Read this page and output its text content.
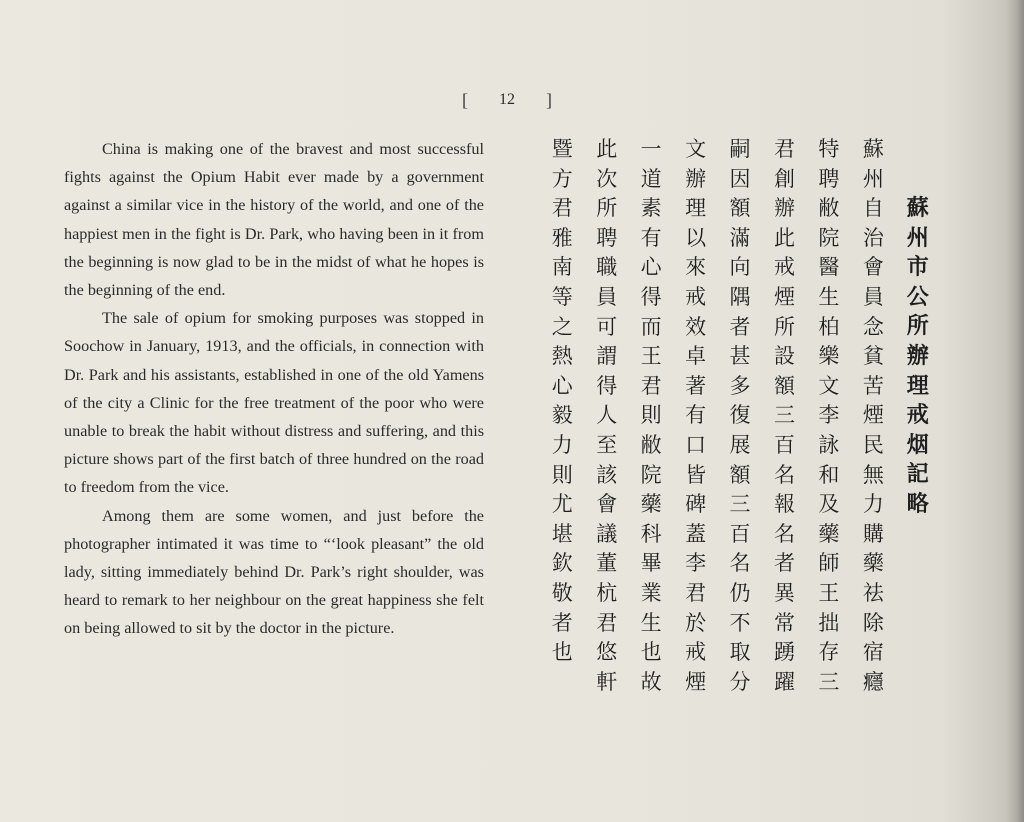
[ 12 ]

China is making one of the bravest and most successful fights against the Opium Habit ever made by a government against a similar vice in the history of the world, and one of the happiest men in the fight is Dr. Park, who having been in it from the beginning is now glad to be in the midst of what he hopes is the beginning of the end.

The sale of opium for smoking purposes was stopped in Soochow in January, 1913, and the officials, in connection with Dr. Park and his assistants, established in one of the old Yamens of the city a Clinic for the free treatment of the poor who were unable to break the habit without distress and suffering, and this picture shows part of the first batch of three hundred on the road to freedom from the vice.

Among them are some women, and just before the photographer intimated it was time to “‘look pleasant” the old lady, sitting immediately behind Dr. Park’s right shoulder, was heard to remark to her neighbour on the great happiness she felt on being allowed to sit by the doctor in the picture.

蘇
州
市
公
所
辦
理
戒
烟
記
略
蘇
州
自
治
會
員
念
貧
苦
煙
民
無
力
購
藥
祛
除
宿
癮
特
聘
敝
院
醫
生
柏
樂
文
李
詠
和
及
藥
師
王
拙
存
三
君
創
辦
此
戒
煙
所
設
額
三
百
名
報
名
者
異
常
踴
躍
嗣
因
額
滿
向
隅
者
甚
多
復
展
額
三
百
名
仍
不
取
分
文
辦
理
以
來
戒
效
卓
著
有
口
皆
碑
蓋
李
君
於
戒
煙
一
道
素
有
心
得
而
王
君
則
敝
院
藥
科
畢
業
生
也
故
此
次
所
聘
職
員
可
謂
得
人
至
該
會
議
董
杭
君
悠
軒
暨
方
君
雅
南
等
之
熱
心
毅
力
則
尤
堪
欽
敬
者
也
